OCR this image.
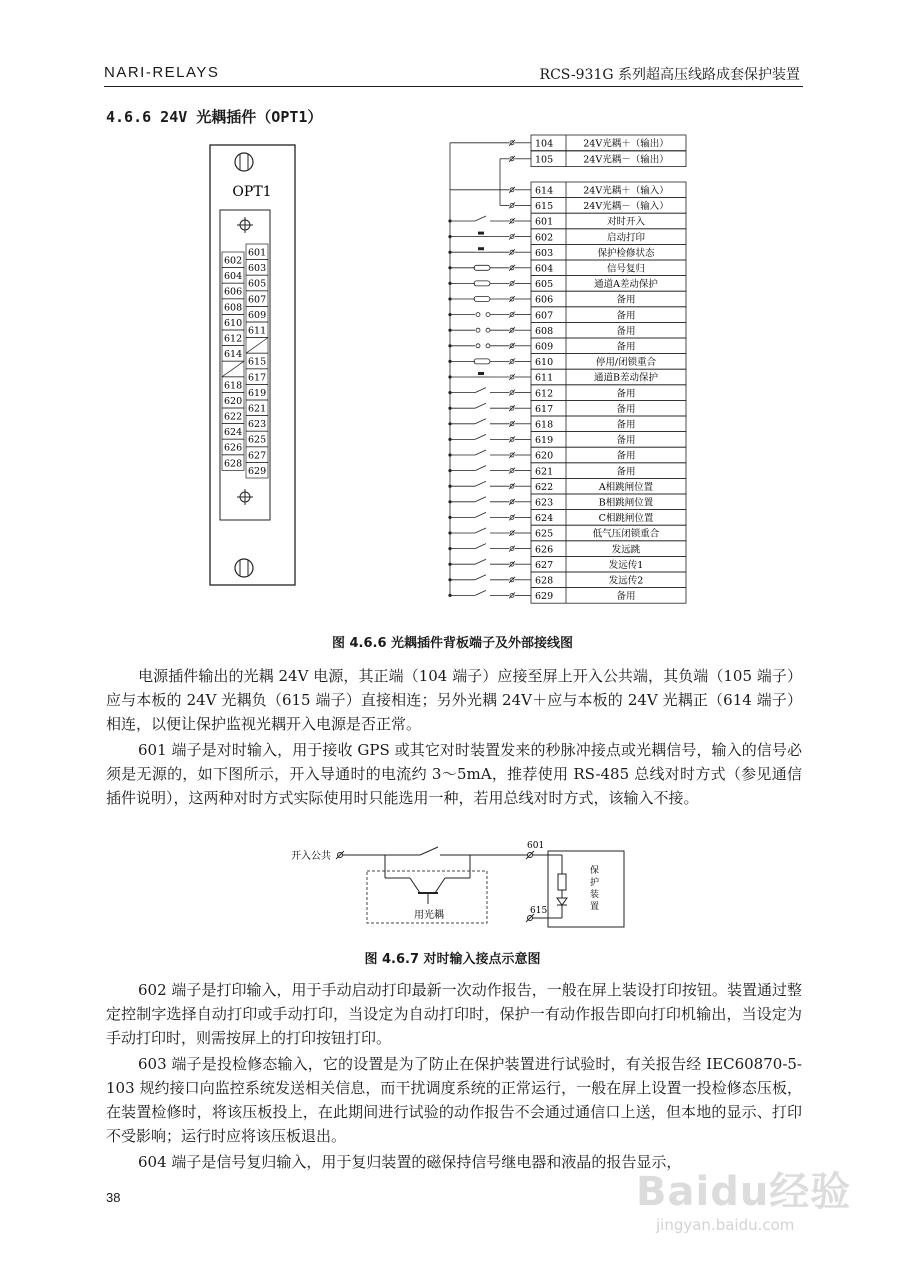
NARI-RELAYS	RCS-931G 系列超高压线路成套保护装置
4.6.6 24V 光耦插件（OPT1）
OPT1
602
604
606
608
610
612
614
618
620
622
624
626
628
601
603
605
607
609
611
615
617
619
621
623
625
627
629
104	24V光耦＋（输出）
105	24V光耦－（输出）
614	24V光耦＋（输入）
615	24V光耦－（输入）
601	对时开入
602	启动打印
603	保护检修状态
604	信号复归
605	通道A差动保护
606	备用
607	备用
608	备用
609	备用
610	停用/闭锁重合
611	通道B差动保护
612	备用
617	备用
618	备用
619	备用
620	备用
621	备用
622	A相跳闸位置
623	B相跳闸位置
624	C相跳闸位置
625	低气压闭锁重合
626	发远跳
627	发远传1
628	发远传2
629	备用
图 4.6.6 光耦插件背板端子及外部接线图

电源插件输出的光耦 24V 电源，其正端（104 端子）应接至屏上开入公共端，其负端（105 端子）应与本板的 24V 光耦负（615 端子）直接相连；另外光耦 24V＋应与本板的 24V 光耦正（614 端子）相连，以便让保护监视光耦开入电源是否正常。

601 端子是对时输入，用于接收 GPS 或其它对时装置发来的秒脉冲接点或光耦信号，输入的信号必须是无源的，如下图所示，开入导通时的电流约 3～5mA，推荐使用 RS-485 总线对时方式（参见通信插件说明），这两种对时方式实际使用时只能选用一种，若用总线对时方式，该输入不接。

开入公共
601
用光耦	615
保
护
装
置
图 4.6.7 对时输入接点示意图

602 端子是打印输入，用于手动启动打印最新一次动作报告，一般在屏上装设打印按钮。装置通过整定控制字选择自动打印或手动打印，当设定为自动打印时，保护一有动作报告即向打印机输出，当设定为手动打印时，则需按屏上的打印按钮打印。

603 端子是投检修态输入，它的设置是为了防止在保护装置进行试验时，有关报告经 IEC60870-5-103 规约接口向监控系统发送相关信息，而干扰调度系统的正常运行，一般在屏上设置一投检修态压板，在装置检修时，将该压板投上，在此期间进行试验的动作报告不会通过通信口上送，但本地的显示、打印不受影响；运行时应将该压板退出。

604 端子是信号复归输入，用于复归装置的磁保持信号继电器和液晶的报告显示，

38	Baidu经验
jingyan.baidu.com
